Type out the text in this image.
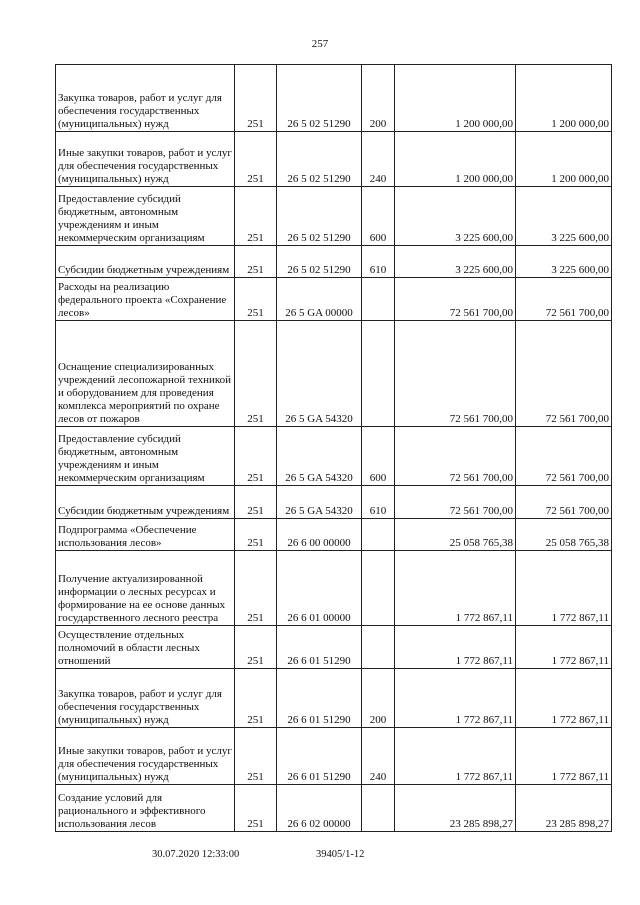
257
Закупка товаров, работ и услуг для обеспечения государственных (муниципальных) нужд	251	26 5 02 51290	200	1 200 000,00	1 200 000,00
Иные закупки товаров, работ и услуг для обеспечения государственных (муниципальных) нужд	251	26 5 02 51290	240	1 200 000,00	1 200 000,00
Предоставление субсидий бюджетным, автономным учреждениям и иным некоммерческим организациям	251	26 5 02 51290	600	3 225 600,00	3 225 600,00
Субсидии бюджетным учреждениям	251	26 5 02 51290	610	3 225 600,00	3 225 600,00
Расходы на реализацию федерального проекта «Сохранение лесов»	251	26 5 GA 00000		72 561 700,00	72 561 700,00
Оснащение специализированных учреждений лесопожарной техникой и оборудованием для проведения комплекса мероприятий по охране лесов от пожаров	251	26 5 GA 54320		72 561 700,00	72 561 700,00
Предоставление субсидий бюджетным, автономным учреждениям и иным некоммерческим организациям	251	26 5 GA 54320	600	72 561 700,00	72 561 700,00
Субсидии бюджетным учреждениям	251	26 5 GA 54320	610	72 561 700,00	72 561 700,00
Подпрограмма «Обеспечение использования лесов»	251	26 6 00 00000		25 058 765,38	25 058 765,38
Получение актуализированной информации о лесных ресурсах и формирование на ее основе данных государственного лесного реестра	251	26 6 01 00000		1 772 867,11	1 772 867,11
Осуществление отдельных полномочий в области лесных отношений	251	26 6 01 51290		1 772 867,11	1 772 867,11
Закупка товаров, работ и услуг для обеспечения государственных (муниципальных) нужд	251	26 6 01 51290	200	1 772 867,11	1 772 867,11
Иные закупки товаров, работ и услуг для обеспечения государственных (муниципальных) нужд	251	26 6 01 51290	240	1 772 867,11	1 772 867,11
Создание условий для рационального и эффективного использования лесов	251	26 6 02 00000		23 285 898,27	23 285 898,27
30.07.2020 12:33:00	39405/1-12
